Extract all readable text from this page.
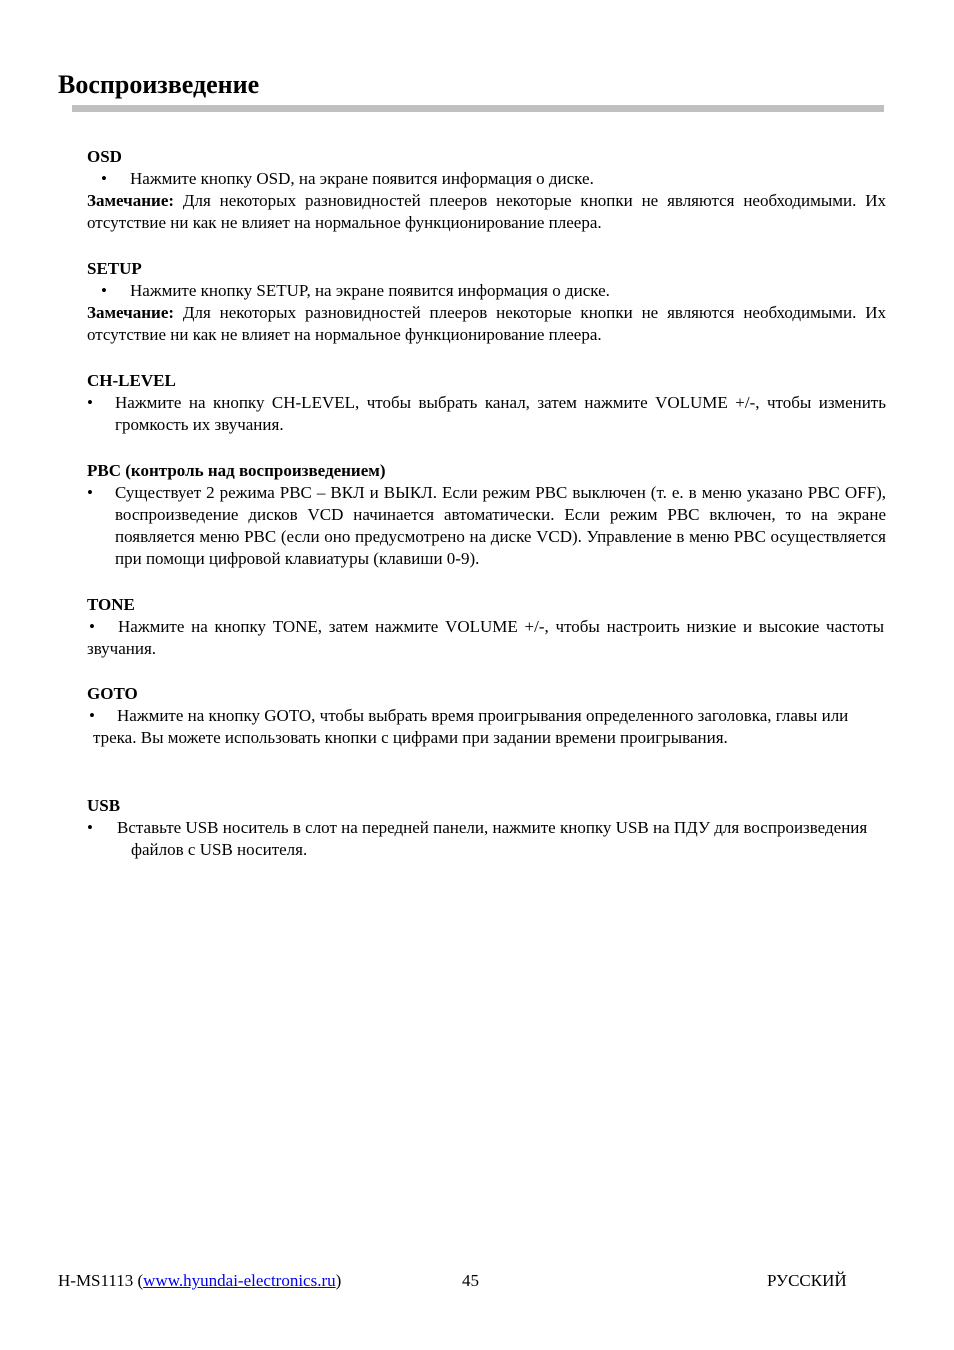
Воспроизведение
OSD
• Нажмите кнопку OSD, на экране появится информация о диске.
Замечание: Для некоторых разновидностей плееров некоторые кнопки не являются необходимыми. Их отсутствие ни как не влияет на нормальное функционирование плеера.
SETUP
• Нажмите кнопку SETUP, на экране появится информация о диске.
Замечание: Для некоторых разновидностей плееров некоторые кнопки не являются необходимыми. Их отсутствие ни как не влияет на нормальное функционирование плеера.
CH-LEVEL
• Нажмите на кнопку CH-LEVEL, чтобы выбрать канал, затем нажмите VOLUME +/-, чтобы изменить громкость их звучания.
PBC (контроль над воспроизведением)
• Существует 2 режима PBC – ВКЛ и ВЫКЛ. Если режим PBC выключен (т. е. в меню указано PBC OFF), воспроизведение дисков VCD начинается автоматически. Если режим PBC включен, то на экране появляется меню PBC (если оно предусмотрено на диске VCD). Управление в меню PBC осуществляется при помощи цифровой клавиатуры (клавиши 0-9).
TONE
• Нажмите на кнопку TONE, затем нажмите VOLUME +/-, чтобы настроить низкие и высокие частоты звучания.
GOTO
• Нажмите на кнопку GOTO, чтобы выбрать время проигрывания определенного заголовка, главы или трека. Вы можете использовать кнопки с цифрами при задании времени проигрывания.
USB
• Вставьте USB носитель в слот на передней панели, нажмите кнопку USB на ПДУ для воспроизведения файлов с USB носителя.
H-MS1113 (www.hyundai-electronics.ru)	45	РУССКИЙ
